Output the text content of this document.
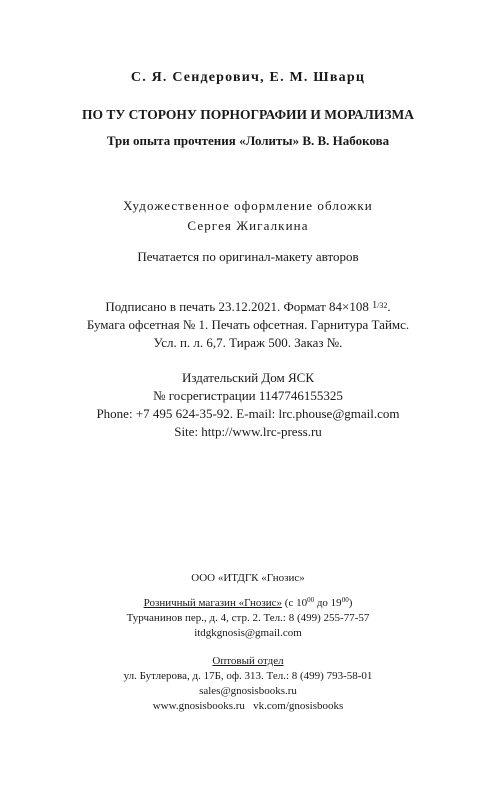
С. Я. Сендерович, Е. М. Шварц
ПО ТУ СТОРОНУ ПОРНОГРАФИИ И МОРАЛИЗМА
Три опыта прочтения «Лолиты» В. В. Набокова
Художественное оформление обложки
Сергея Жигалкина
Печатается по оригинал-макету авторов
Подписано в печать 23.12.2021. Формат 84×108 $^{1/32}$.
Бумага офсетная № 1. Печать офсетная. Гарнитура Таймс.
Усл. п. л. 6,7. Тираж 500. Заказ №.
Издательский Дом ЯСК
№ госрегистрации 1147746155325
Phone: +7 495 624-35-92. E-mail: lrc.phouse@gmail.com
Site: http://www.lrc-press.ru
ООО «ИТДГК «Гнозис»
Розничный магазин «Гнозис» (с $10^{00}$ до $19^{00}$)
Турчанинов пер., д. 4, стр. 2. Тел.: 8 (499) 255-77-57
itdgkgnosis@gmail.com
Оптовый отдел
ул. Бутлерова, д. 17Б, оф. 313. Тел.: 8 (499) 793-58-01
sales@gnosisbooks.ru
www.gnosisbooks.ru   vk.com/gnosisbooks
